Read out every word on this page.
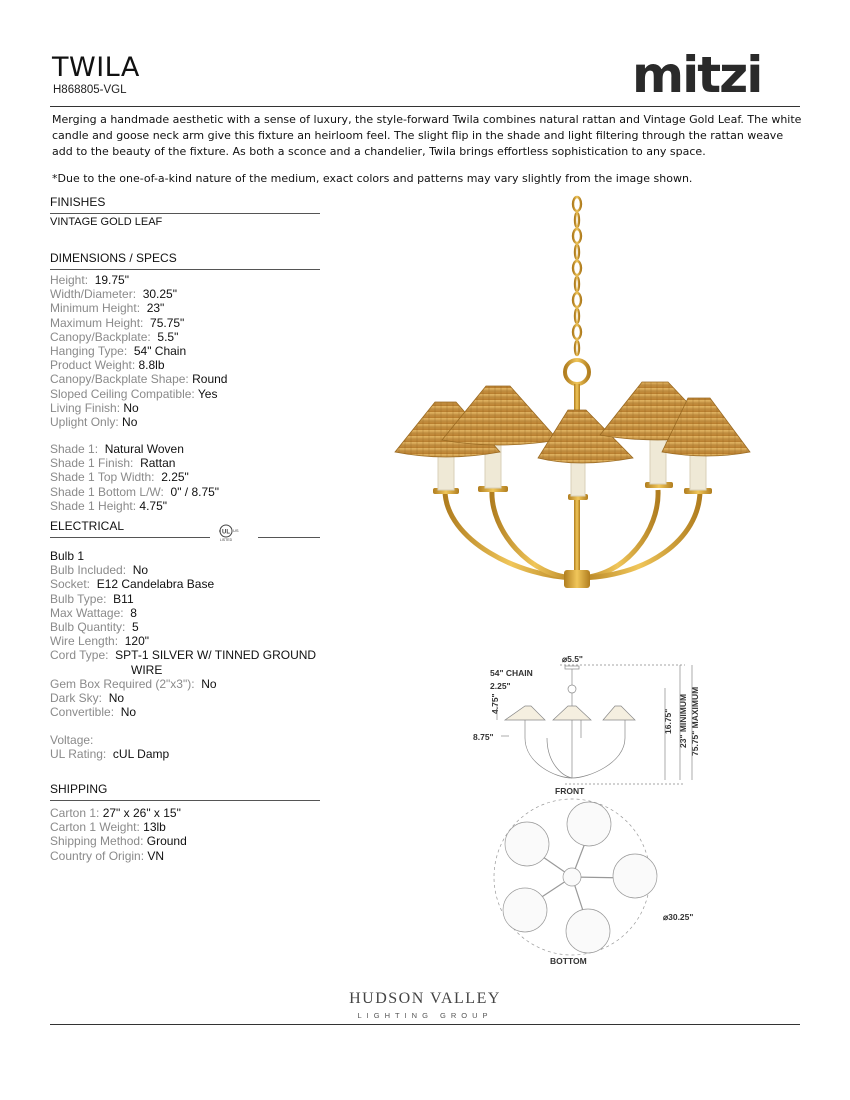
TWILA
H868805-VGL	mitzi
Merging a handmade aesthetic with a sense of luxury, the style-forward Twila combines natural rattan and Vintage Gold Leaf. The white candle and goose neck arm give this fixture an heirloom feel. The slight flip in the shade and light filtering through the rattan weave add to the beauty of the fixture. As both a sconce and a chandelier, Twila brings effortless sophistication to any space.
*Due to the one-of-a-kind nature of the medium, exact colors and patterns may vary slightly from the image shown.
FINISHES
VINTAGE GOLD LEAF
DIMENSIONS / SPECS
Height: 19.75"
Width/Diameter: 30.25"
Minimum Height: 23"
Maximum Height: 75.75"
Canopy/Backplate: 5.5"
Hanging Type: 54" Chain
Product Weight: 8.8lb
Canopy/Backplate Shape: Round
Sloped Ceiling Compatible: Yes
Living Finish: No
Uplight Only: No
Shade 1: Natural Woven
Shade 1 Finish: Rattan
Shade 1 Top Width: 2.25"
Shade 1 Bottom L/W: 0" / 8.75"
Shade 1 Height: 4.75"
ELECTRICAL	UL
c	US
LISTED
Bulb 1
Bulb Included: No
Socket: E12 Candelabra Base
Bulb Type: B11
Max Wattage: 8
Bulb Quantity: 5
Wire Length: 120"
Cord Type: SPT-1 SILVER W/ TINNED GROUND
WIRE
Gem Box Required (2"x3"): No
Dark Sky: No
Convertible: No
Voltage:
UL Rating: cUL Damp
SHIPPING
Carton 1: 27" x 26" x 15"
Carton 1 Weight: 13lb
Shipping Method: Ground
Country of Origin: VN
⌀5.5"
54" CHAIN
2.25"
4.75"
8.75"
16.75" 23" MINIMUM 75.75" MAXIMUM
FRONT
⌀30.25"
BOTTOM
HUDSON VALLEY
LIGHTING GROUP
